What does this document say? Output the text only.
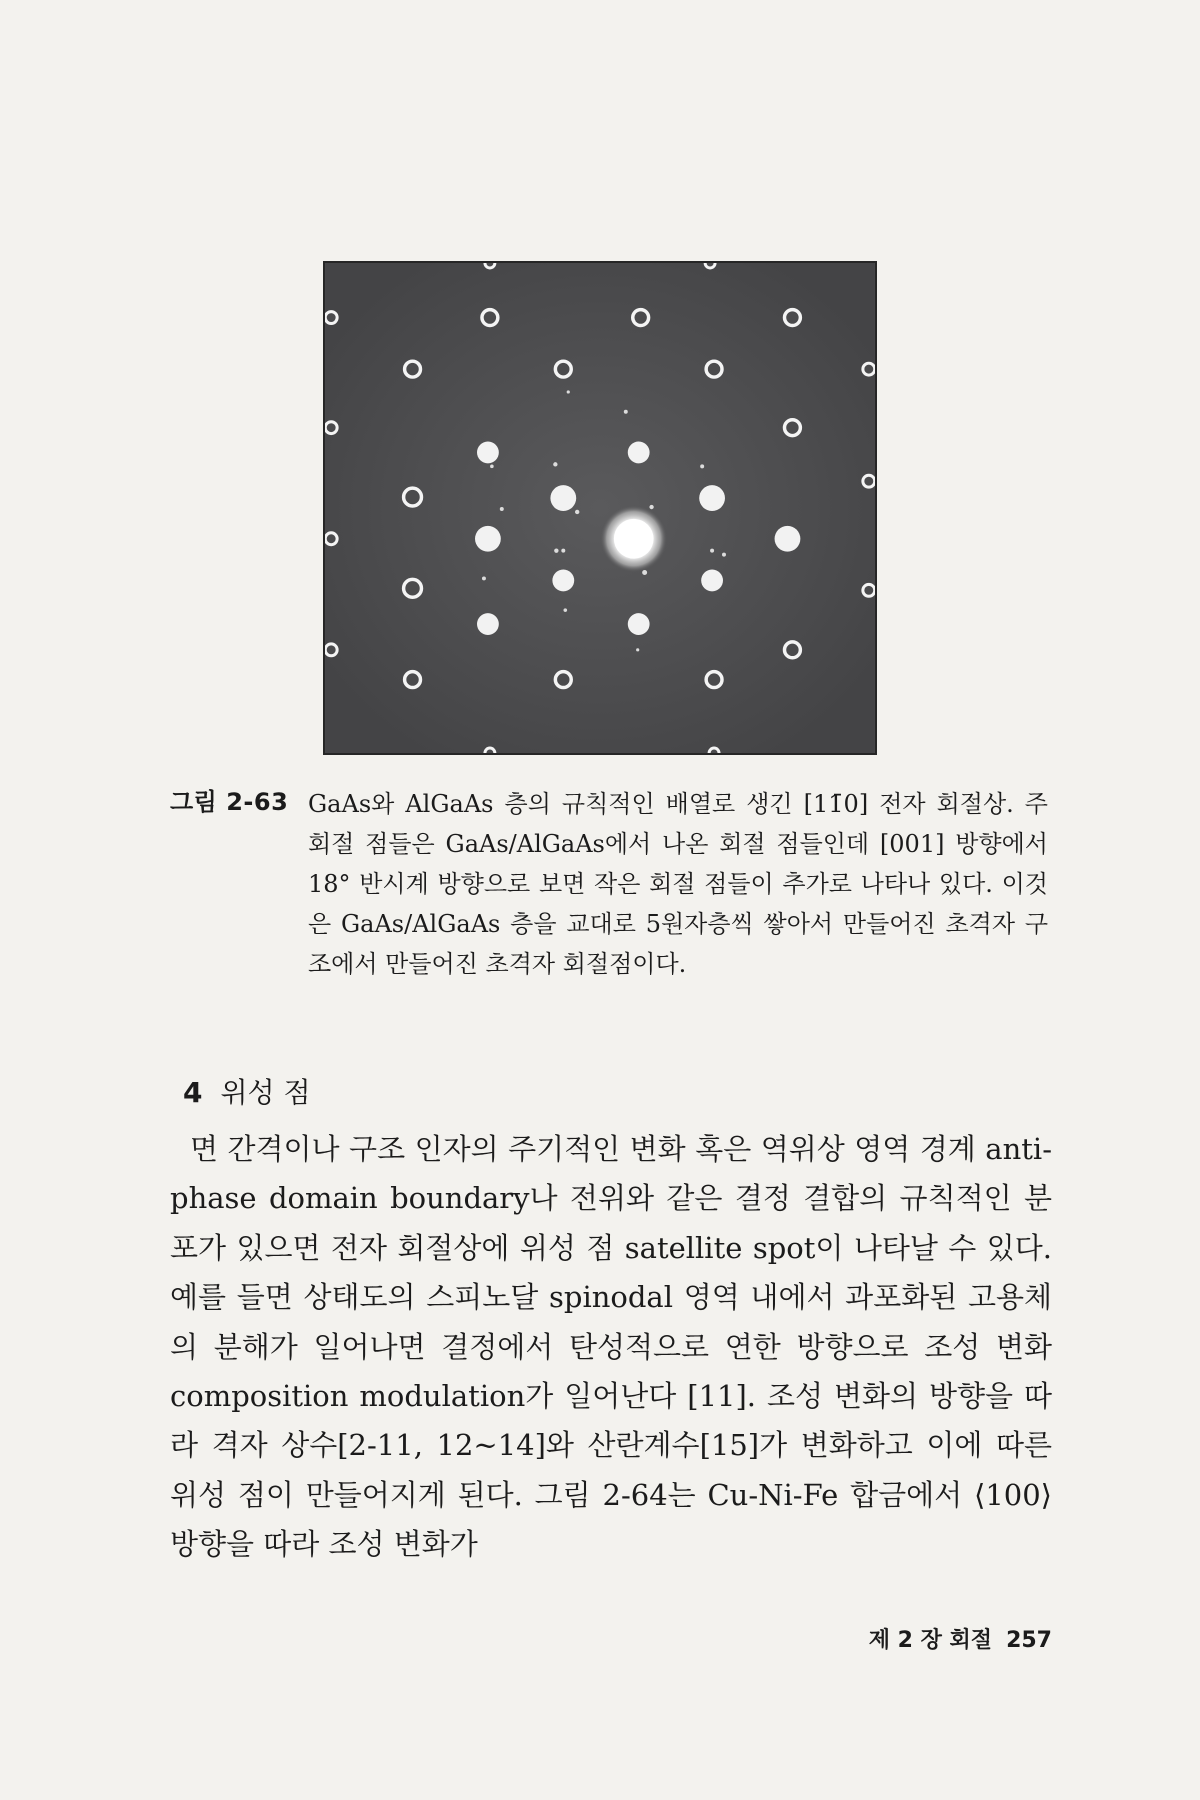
그림 2-63 GaAs와 AlGaAs 층의 규칙적인 배열로 생긴 [11̄0] 전자 회절상. 주 회절 점들은 GaAs/AlGaAs에서 나온 회절 점들인데 [001] 방향에서 18° 반시계 방향으로 보면 작은 회절 점들이 추가로 나타나 있다. 이것은 GaAs/AlGaAs 층을 교대로 5원자층씩 쌓아서 만들어진 초격자 구조에서 만들어진 초격자 회절점이다.
4 위성 점

면 간격이나 구조 인자의 주기적인 변화 혹은 역위상 영역 경계 anti-phase domain boundary나 전위와 같은 결정 결합의 규칙적인 분포가 있으면 전자 회절상에 위성 점 satellite spot이 나타날 수 있다. 예를 들면 상태도의 스피노달 spinodal 영역 내에서 과포화된 고용체의 분해가 일어나면 결정에서 탄성적으로 연한 방향으로 조성 변화 composition modulation가 일어난다 [11]. 조성 변화의 방향을 따라 격자 상수[2-11, 12~14]와 산란계수[15]가 변화하고 이에 따른 위성 점이 만들어지게 된다. 그림 2-64는 Cu-Ni-Fe 합금에서 ⟨100⟩ 방향을 따라 조성 변화가

제 2 장 회절 257
